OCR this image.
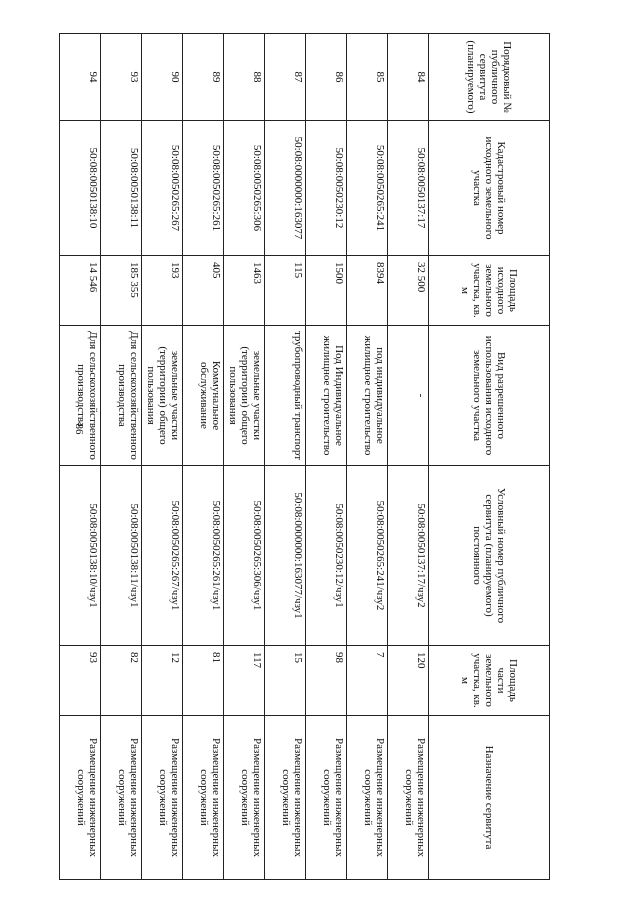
86
Порядковый № публичного сервитута (планируемого)	Кадастровый номер исходного земельного участка	Площадь исходного земельного участка, кв. м	Вид разрешенного использования исходного земельного участка	Условный номер публичного сервитута (планируемого) постоянного	Площадь части земельного участка, кв. м	Назначение сервитута
84	50:08:0050137:17	32 500	-	50:08:0050137:17/чзу2	120	Размещение инженерных сооружений
85	50:08:0050265:241	8394	под индивидуальное жилищное строительство	50:08:0050265:241/чзу2	7	Размещение инженерных сооружений
86	50:08:0050230:12	1500	Под Индивидуальное жилищное строительство	50:08:0050230:12/чзу1	98	Размещение инженерных сооружений
87	50:08:0000000:163077	115	трубопроводный транспорт	50:08:0000000:163077/чзу1	15	Размещение инженерных сооружений
88	50:08:0050265:306	1463	земельные участки (территории) общего пользования	50:08:0050265:306/чзу1	117	Размещение инженерных сооружений
89	50:08:0050265:261	405	Коммунальное обслуживание	50:08:0050265:261/чзу1	81	Размещение инженерных сооружений
90	50:08:0050265:267	193	земельные участки (территории) общего пользования	50:08:0050265:267/чзу1	12	Размещение инженерных сооружений
93	50:08:0050138:11	185 355	Для сельскохозяйственного производства	50:08:0050138:11/чзу1	82	Размещение инженерных сооружений
94	50:08:0050138:10	14 546	Для сельскохозяйственного производства	50:08:0050138:10/чзу1	93	Размещение инженерных сооружений
